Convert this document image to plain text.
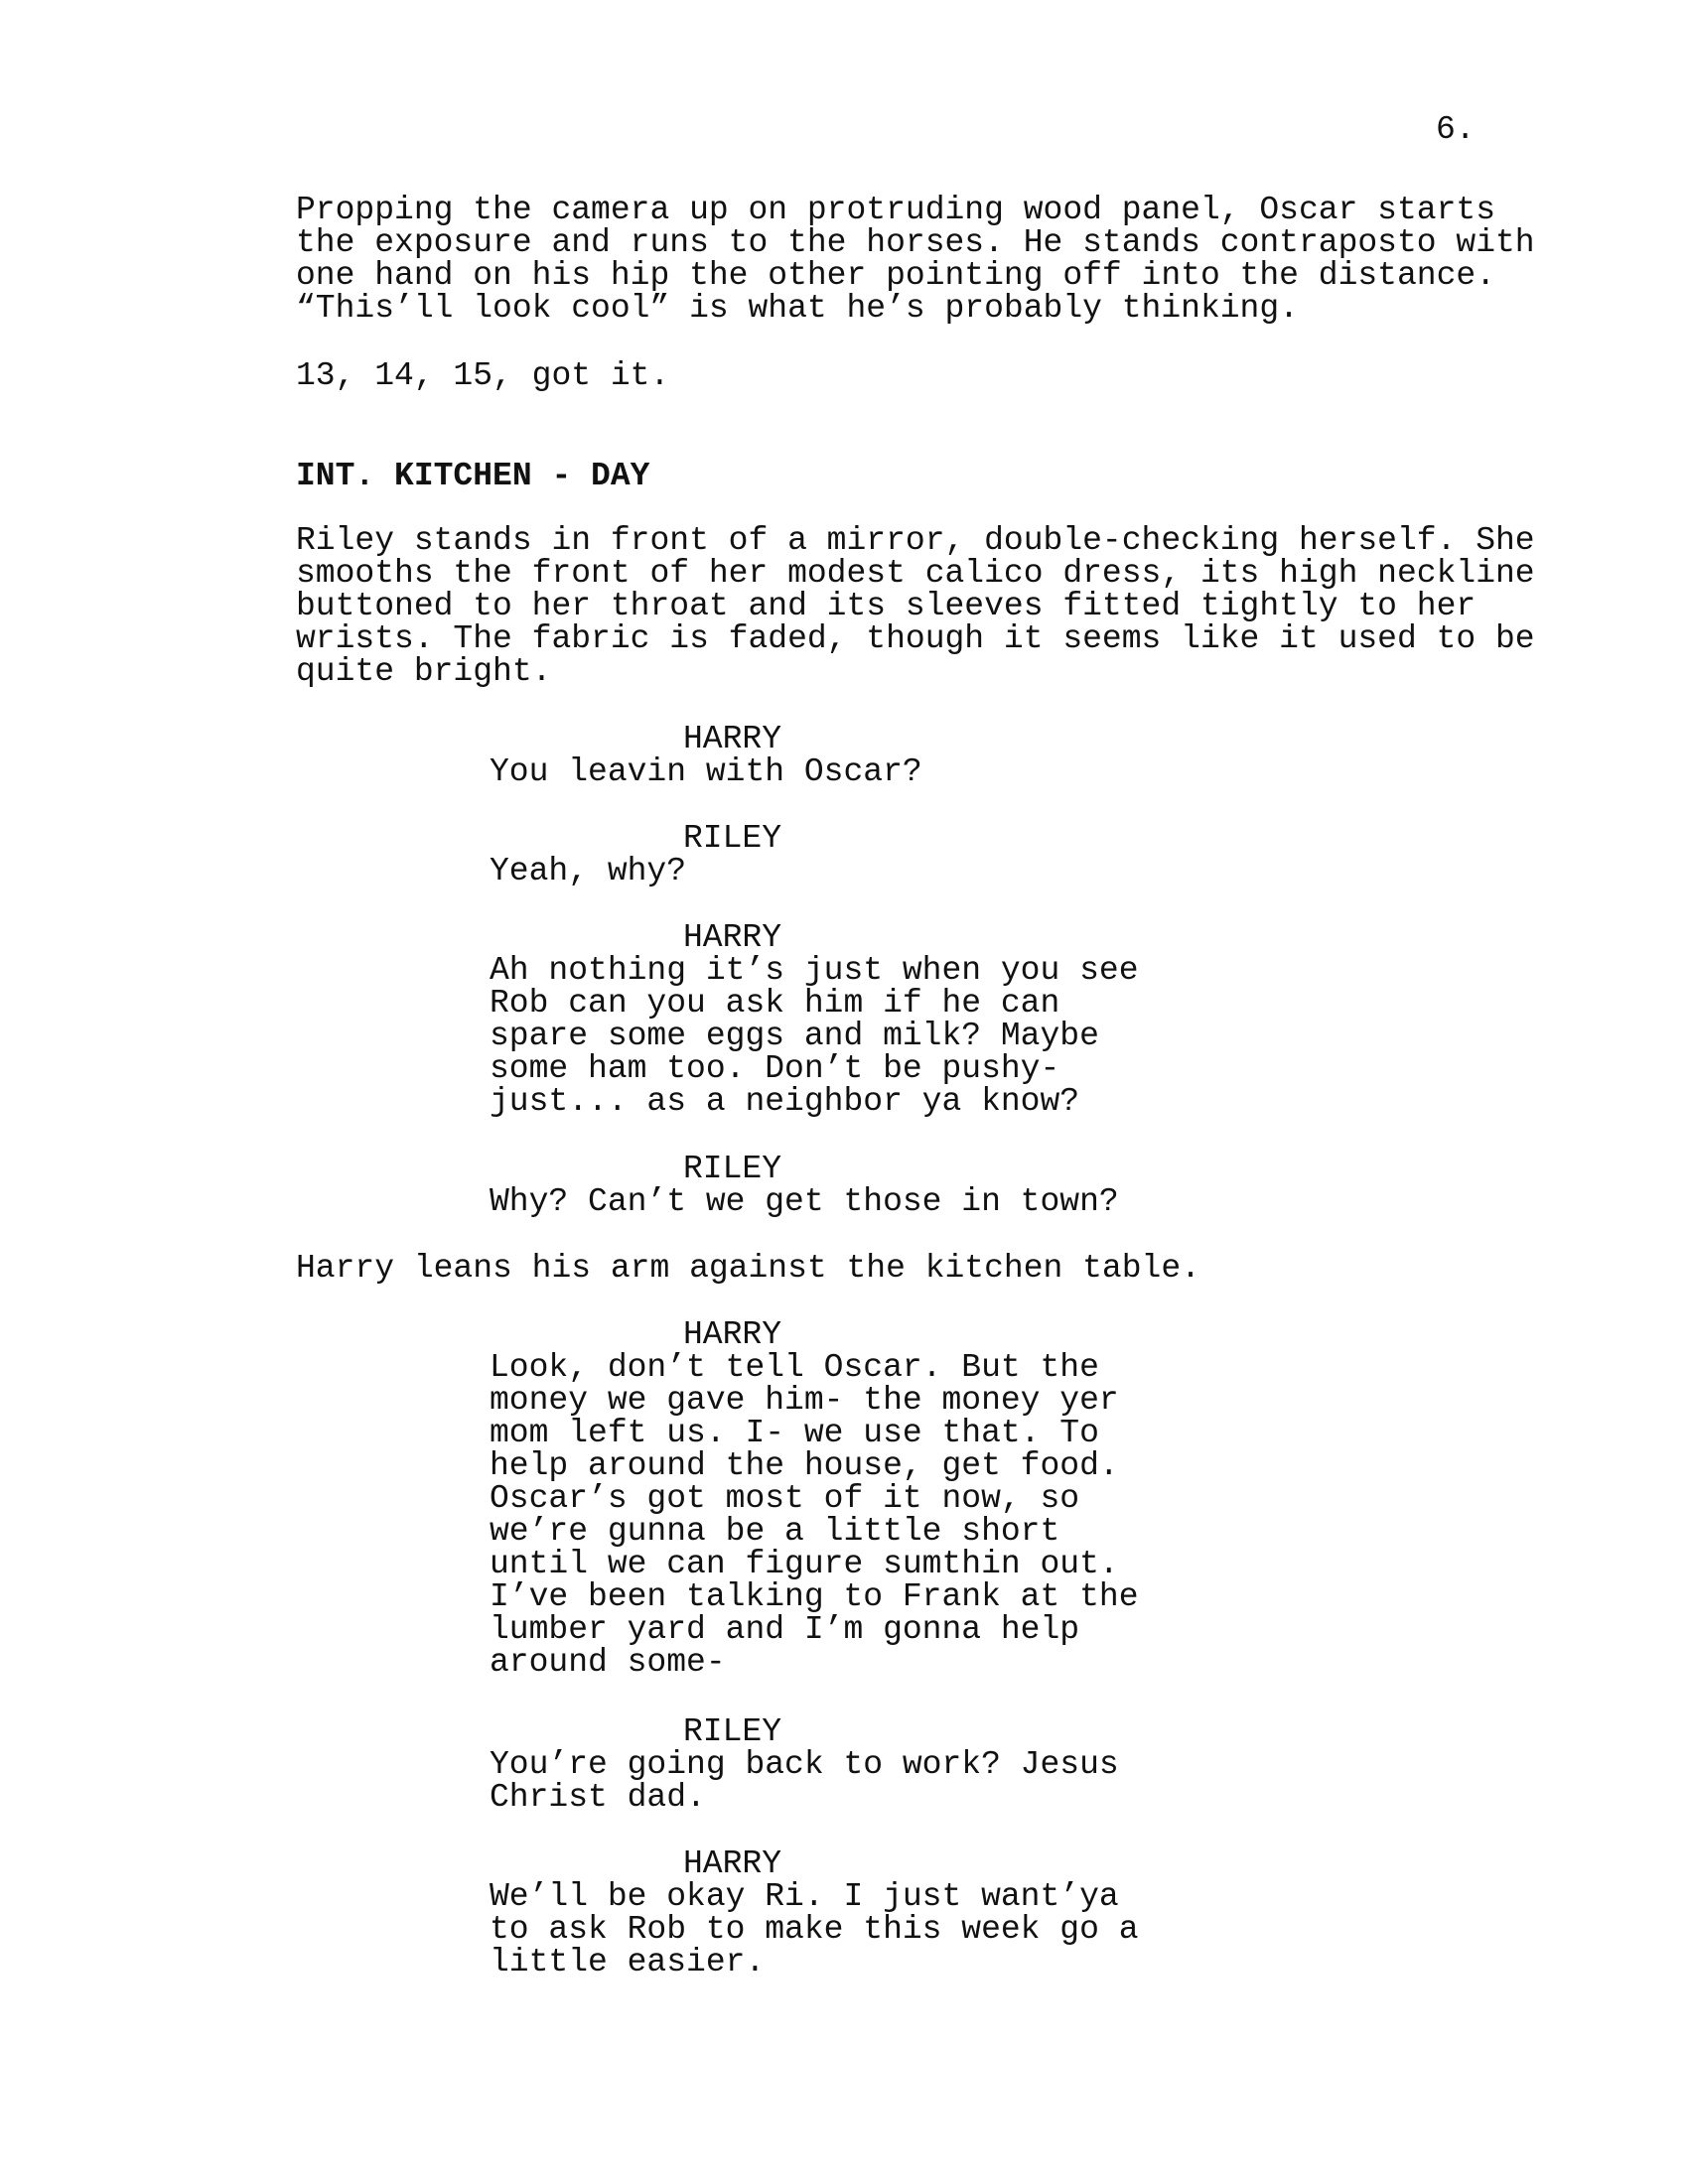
6.
Propping the camera up on protruding wood panel, Oscar starts
the exposure and runs to the horses. He stands contraposto with
one hand on his hip the other pointing off into the distance.
“This’ll look cool” is what he’s probably thinking.
13, 14, 15, got it.
INT. KITCHEN - DAY
Riley stands in front of a mirror, double-checking herself. She
smooths the front of her modest calico dress, its high neckline
buttoned to her throat and its sleeves fitted tightly to her
wrists. The fabric is faded, though it seems like it used to be
quite bright.
HARRY
You leavin with Oscar?
RILEY
Yeah, why?
HARRY
Ah nothing it’s just when you see
Rob can you ask him if he can
spare some eggs and milk? Maybe
some ham too. Don’t be pushy-
just... as a neighbor ya know?
RILEY
Why? Can’t we get those in town?
Harry leans his arm against the kitchen table.
HARRY
Look, don’t tell Oscar. But the
money we gave him- the money yer
mom left us. I- we use that. To
help around the house, get food.
Oscar’s got most of it now, so
we’re gunna be a little short
until we can figure sumthin out.
I’ve been talking to Frank at the
lumber yard and I’m gonna help
around some-
RILEY
You’re going back to work? Jesus
Christ dad.
HARRY
We’ll be okay Ri. I just want’ya
to ask Rob to make this week go a
little easier.
